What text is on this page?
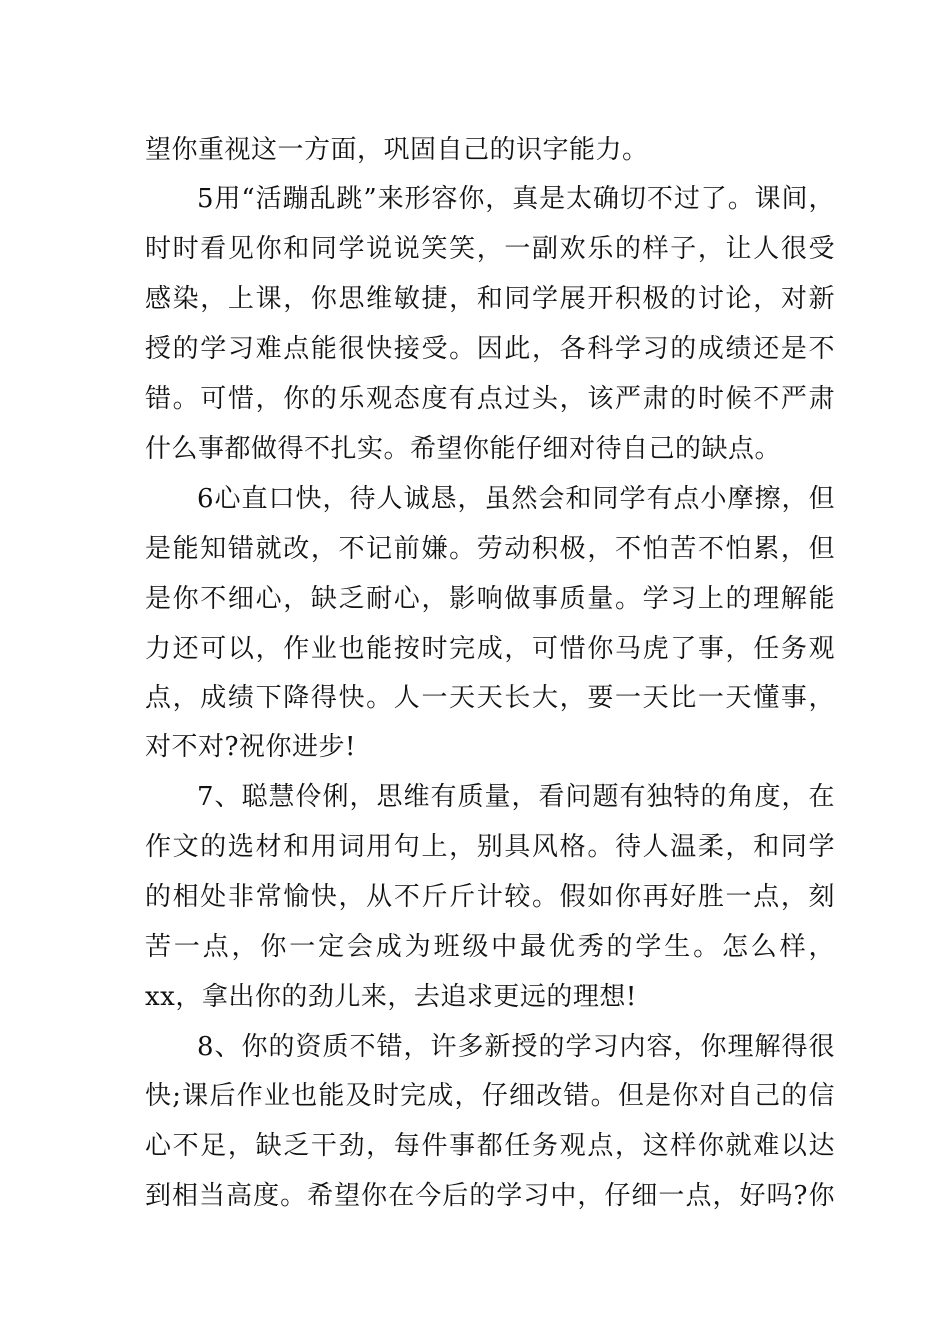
望你重视这一方面，巩固自己的识字能力。
5用“活蹦乱跳”来形容你，真是太确切不过了。课间，
时时看见你和同学说说笑笑，一副欢乐的样子，让人很受
感染，上课，你思维敏捷，和同学展开积极的讨论，对新
授的学习难点能很快接受。因此，各科学习的成绩还是不
错。可惜，你的乐观态度有点过头，该严肃的时候不严肃
什么事都做得不扎实。希望你能仔细对待自己的缺点。
6心直口快，待人诚恳，虽然会和同学有点小摩擦，但
是能知错就改，不记前嫌。劳动积极，不怕苦不怕累，但
是你不细心，缺乏耐心，影响做事质量。学习上的理解能
力还可以，作业也能按时完成，可惜你马虎了事，任务观
点，成绩下降得快。人一天天长大，要一天比一天懂事，
对不对?祝你进步!
7、聪慧伶俐，思维有质量，看问题有独特的角度，在
作文的选材和用词用句上，别具风格。待人温柔，和同学
的相处非常愉快，从不斤斤计较。假如你再好胜一点，刻
苦一点，你一定会成为班级中最优秀的学生。怎么样，
xx，拿出你的劲儿来，去追求更远的理想!
8、你的资质不错，许多新授的学习内容，你理解得很
快;课后作业也能及时完成，仔细改错。但是你对自己的信
心不足，缺乏干劲，每件事都任务观点，这样你就难以达
到相当高度。希望你在今后的学习中，仔细一点，好吗?你
